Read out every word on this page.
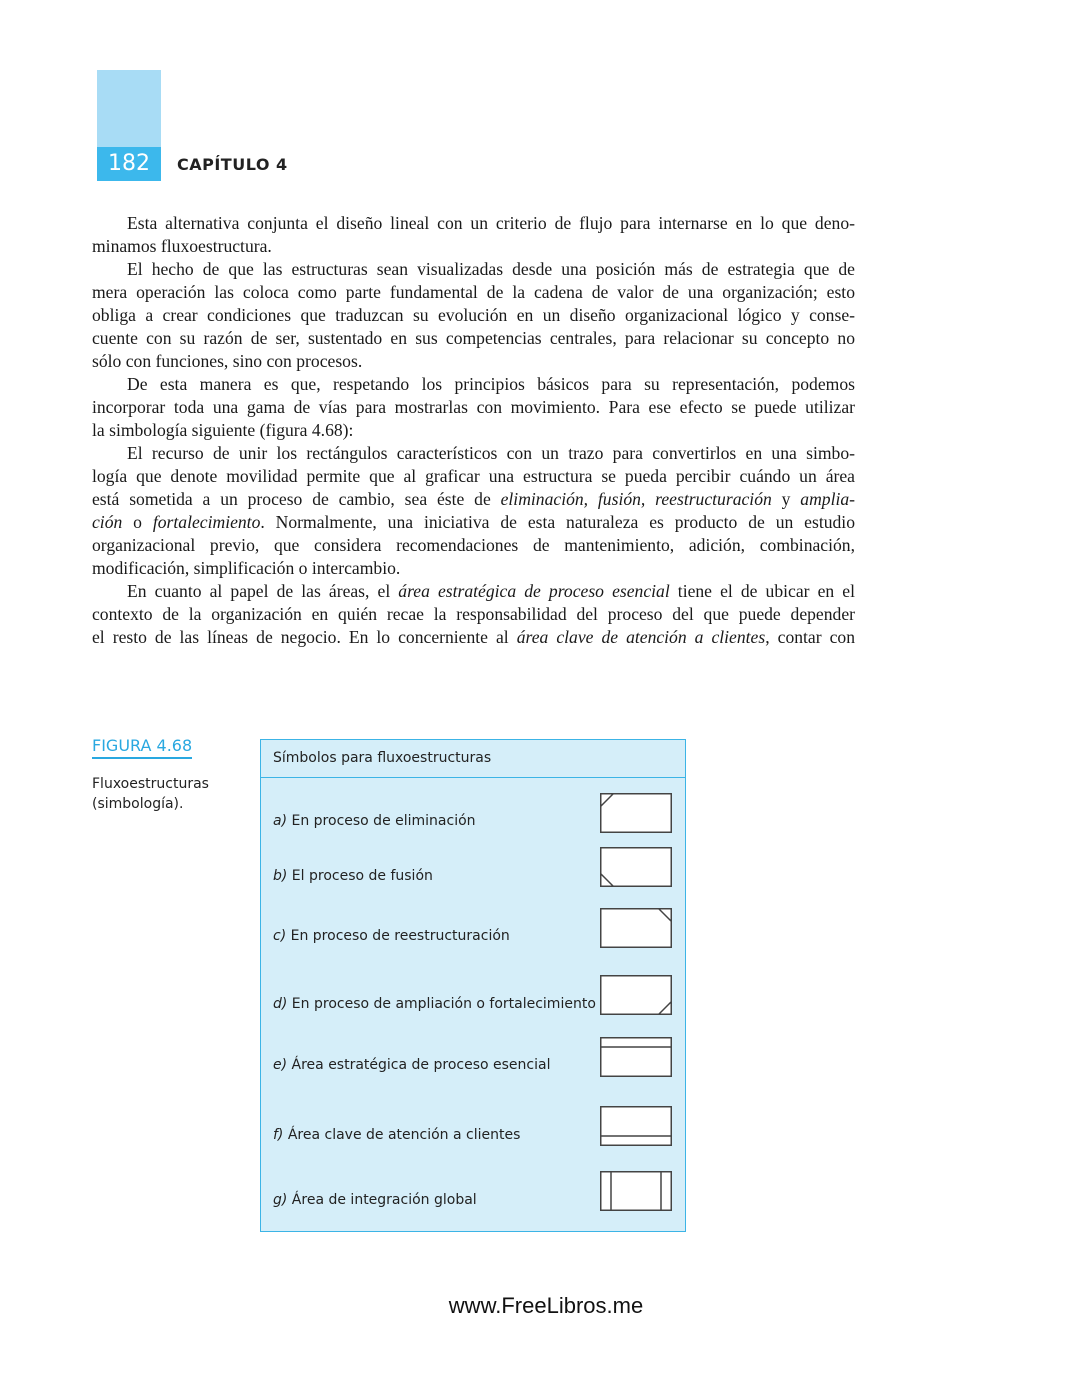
182	CAPÍTULO 4
Esta alternativa conjunta el diseño lineal con un criterio de flujo para internarse en lo que deno-
minamos fluxoestructura.
El hecho de que las estructuras sean visualizadas desde una posición más de estrategia que de
mera operación las coloca como parte fundamental de la cadena de valor de una organización; esto
obliga a crear condiciones que traduzcan su evolución en un diseño organizacional lógico y conse-
cuente con su razón de ser, sustentado en sus competencias centrales, para relacionar su concepto no
sólo con funciones, sino con procesos.
De esta manera es que, respetando los principios básicos para su representación, podemos
incorporar toda una gama de vías para mostrarlas con movimiento. Para ese efecto se puede utilizar
la simbología siguiente (figura 4.68):
El recurso de unir los rectángulos característicos con un trazo para convertirlos en una simbo-
logía que denote movilidad permite que al graficar una estructura se pueda percibir cuándo un área
está sometida a un proceso de cambio, sea éste de eliminación, fusión, reestructuración y amplia-
ción o fortalecimiento. Normalmente, una iniciativa de esta naturaleza es producto de un estudio
organizacional previo, que considera recomendaciones de mantenimiento, adición, combinación,
modificación, simplificación o intercambio.
En cuanto al papel de las áreas, el área estratégica de proceso esencial tiene el de ubicar en el
contexto de la organización en quién recae la responsabilidad del proceso del que puede depender
el resto de las líneas de negocio. En lo concerniente al área clave de atención a clientes, contar con
FIGURA 4.68
Fluxoestructuras (simbología).
Símbolos para fluxoestructuras
a) En proceso de eliminación
b) El proceso de fusión
c) En proceso de reestructuración
d) En proceso de ampliación o fortalecimiento
e) Área estratégica de proceso esencial
f) Área clave de atención a clientes
g) Área de integración global
www.FreeLibros.me
